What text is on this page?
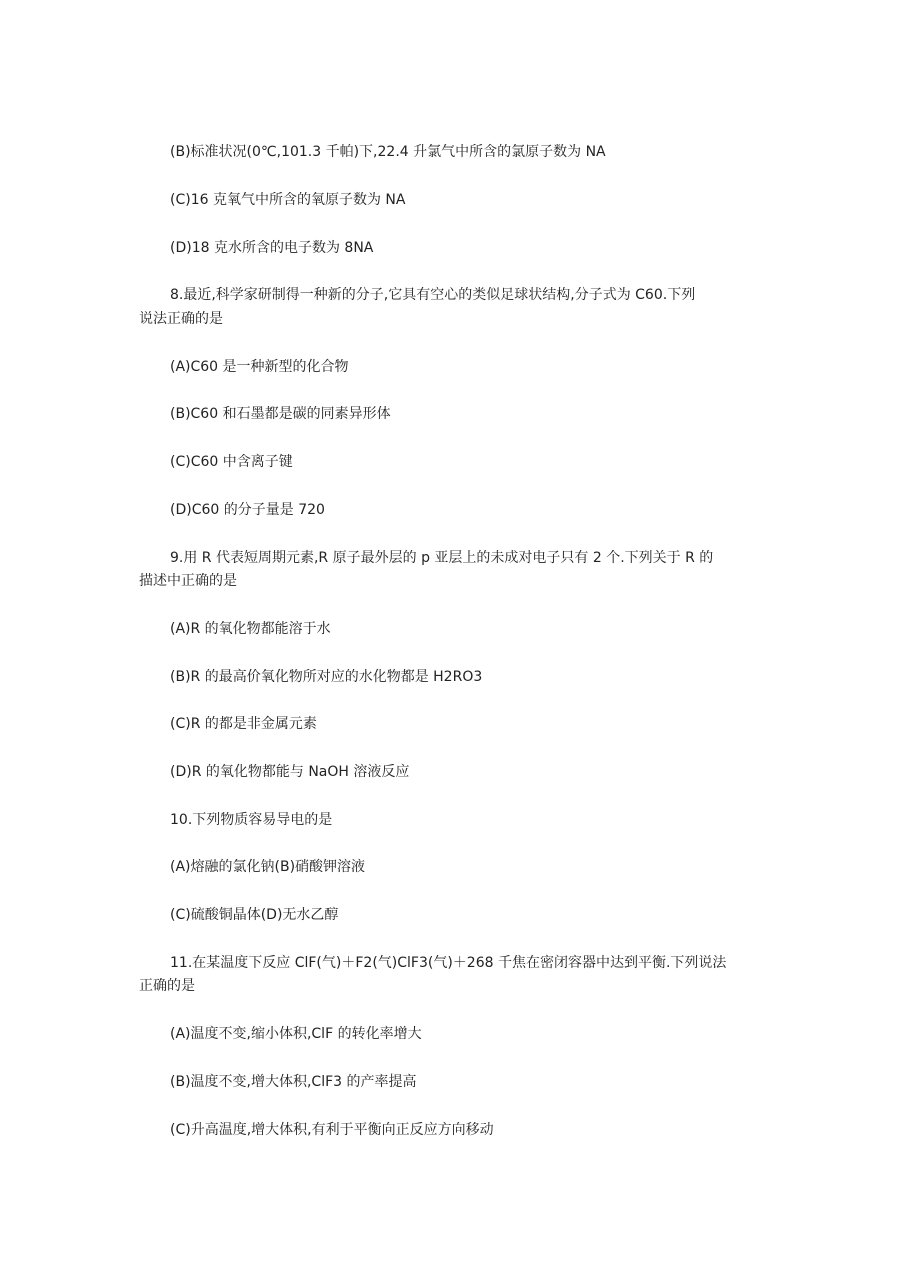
(B)标准状况(0℃,101.3 千帕)下,22.4 升氯气中所含的氯原子数为 NA

(C)16 克氧气中所含的氧原子数为 NA

(D)18 克水所含的电子数为 8NA

8.最近,科学家研制得一种新的分子,它具有空心的类似足球状结构,分子式为 C60.下列

说法正确的是

(A)C60 是一种新型的化合物

(B)C60 和石墨都是碳的同素异形体

(C)C60 中含离子键

(D)C60 的分子量是 720

9.用 R 代表短周期元素,R 原子最外层的 p 亚层上的未成对电子只有 2 个.下列关于 R 的

描述中正确的是

(A)R 的氧化物都能溶于水

(B)R 的最高价氧化物所对应的水化物都是 H2RO3

(C)R 的都是非金属元素

(D)R 的氧化物都能与 NaOH 溶液反应

10.下列物质容易导电的是

(A)熔融的氯化钠(B)硝酸钾溶液

(C)硫酸铜晶体(D)无水乙醇

11.在某温度下反应 ClF(气)＋F2(气)ClF3(气)＋268 千焦在密闭容器中达到平衡.下列说法

正确的是

(A)温度不变,缩小体积,ClF 的转化率增大

(B)温度不变,增大体积,ClF3 的产率提高

(C)升高温度,增大体积,有利于平衡向正反应方向移动
